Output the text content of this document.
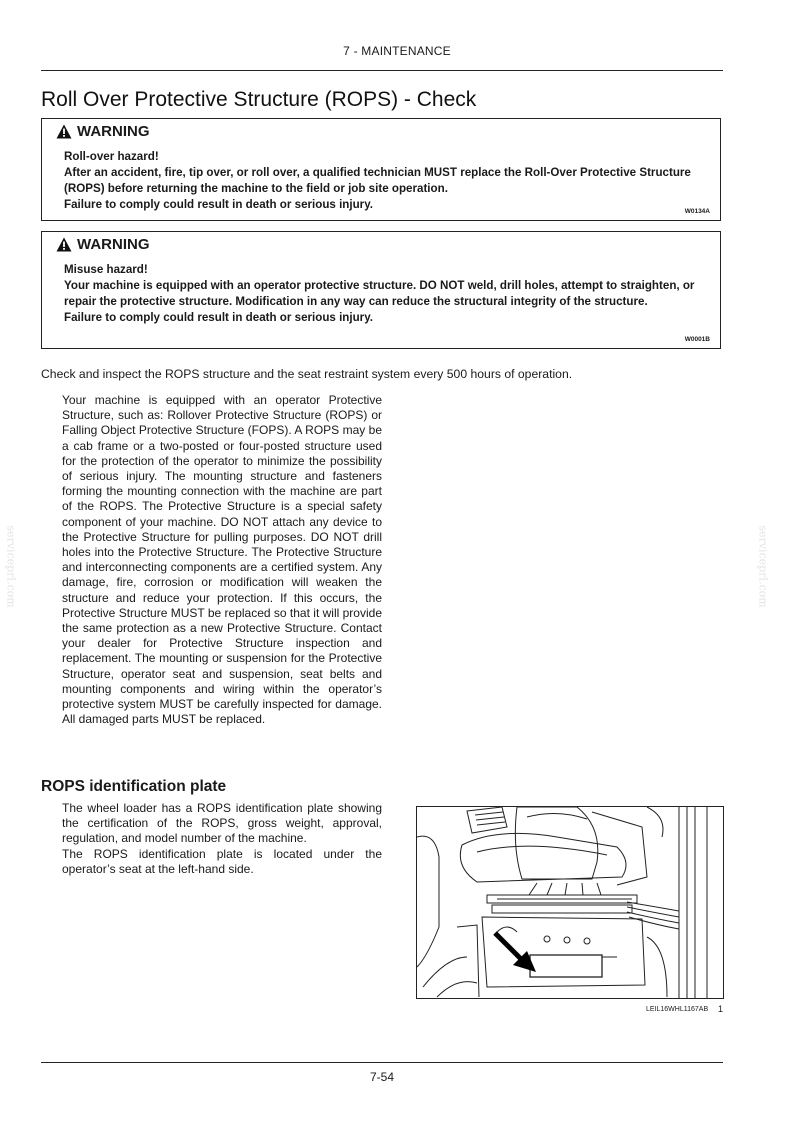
7 - MAINTENANCE
Roll Over Protective Structure (ROPS) - Check
WARNING

Roll-over hazard!

After an accident, fire, tip over, or roll over, a qualified technician MUST replace the Roll-Over Protective Structure (ROPS) before returning the machine to the field or job site operation.

Failure to comply could result in death or serious injury.

W0134A
WARNING

Misuse hazard!

Your machine is equipped with an operator protective structure. DO NOT weld, drill holes, attempt to straighten, or repair the protective structure. Modification in any way can reduce the structural integrity of the structure.

Failure to comply could result in death or serious injury.

W0001B

Check and inspect the ROPS structure and the seat restraint system every 500 hours of operation.

Your machine is equipped with an operator Protective Structure, such as: Rollover Protective Structure (ROPS) or Falling Object Protective Structure (FOPS). A ROPS may be a cab frame or a two-posted or four-posted structure used for the protection of the operator to minimize the possibility of serious injury. The mounting structure and fasteners forming the mounting connection with the machine are part of the ROPS. The Protective Structure is a special safety component of your machine. DO NOT attach any device to the Protective Structure for pulling purposes. DO NOT drill holes into the Protective Structure. The Protective Structure and interconnecting components are a certified system. Any damage, fire, corrosion or modification will weaken the structure and reduce your protection. If this occurs, the Protective Structure MUST be replaced so that it will provide the same protection as a new Protective Structure. Contact your dealer for Protective Structure inspection and replacement. The mounting or suspension for the Protective Structure, operator seat and suspension, seat belts and mounting components and wiring within the operator’s protective system MUST be carefully inspected for damage. All damaged parts MUST be replaced.

ROPS identification plate

The wheel loader has a ROPS identification plate showing the certification of the ROPS, gross weight, approval, regulation, and model number of the machine.

The ROPS identification plate is located under the operator’s seat at the left-hand side.

LEIL16WHL1167AB 1
serviceprl.com	serviceprl.com
7-54
